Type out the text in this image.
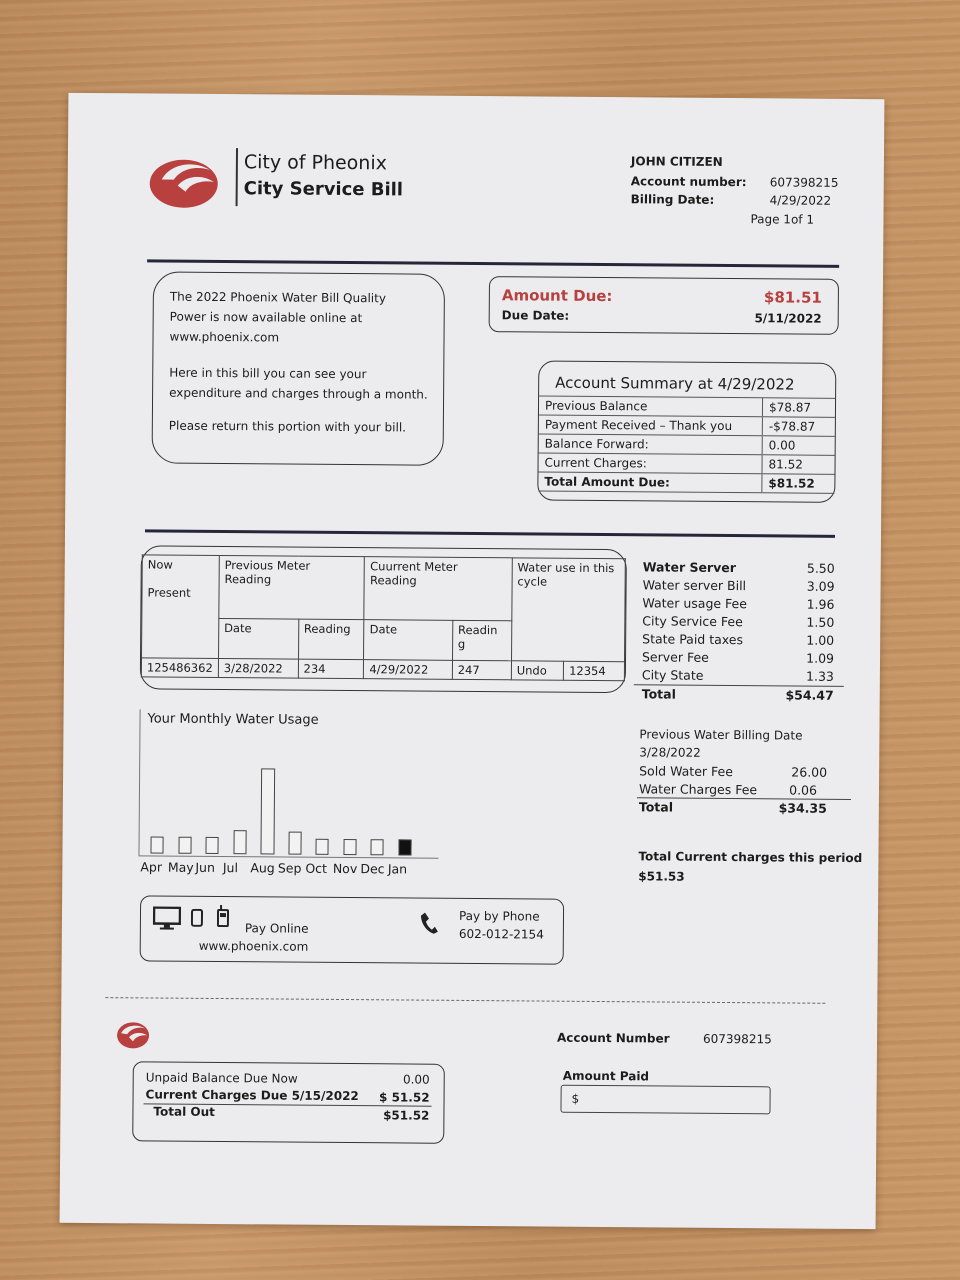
City of Pheonix
City Service Bill
JOHN CITIZEN
Account number: 607398215
Billing Date:	4/29/2022
Page 1of 1
The 2022 Phoenix Water Bill Quality
Power is now available online at
www.phoenix.com
Here in this bill you can see your
expenditure and charges through a month.
Please return this portion with your bill.
Amount Due:	$81.51
Due Date:	5/11/2022
Account Summary at 4/29/2022
Previous Balance	$78.87
Payment Received – Thank you	-$78.87
Balance Forward:	0.00
Current Charges:	81.52
Total Amount Due:	$81.52
Now
Present	Previous Meter Reading		Cuurrent Meter Reading		Water use in this cycle	
	Date	Reading	Date	Readin
g		

125486362	3/28/2022	234	4/29/2022	247	Undo	12354
Water Server	5.50
Water server Bill	3.09
Water usage Fee	1.96
City Service Fee	1.50
State Paid taxes	1.00
Server Fee	1.09
City State	1.33
Total	$54.47
Your Monthly Water Usage
Apr May Jun Jul Aug Sep Oct Nov Dec Jan
Previous Water Billing Date
3/28/2022
Sold Water Fee	26.00
Water Charges Fee	0.06
Total	$34.35
Total Current charges this period
$51.53
Pay Online
www.phoenix.com
Pay by Phone
602-012-2154
Account Number	607398215
Amount Paid
$
Unpaid Balance Due Now	0.00
Current Charges Due 5/15/2022 $ 51.52
Total Out	$51.52
